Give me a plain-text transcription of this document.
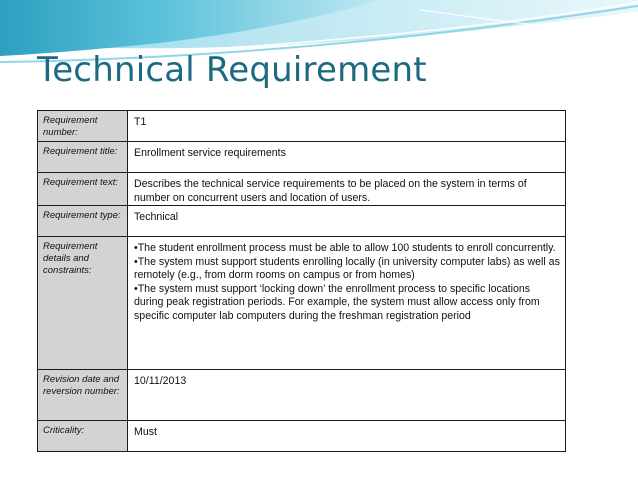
Technical Requirement
Requirement number:	T1
Requirement title:	Enrollment service requirements
Requirement text:	Describes the technical service requirements to be placed on the system in terms of number on concurrent users and location of users.
Requirement type:	Technical
Requirement details and constraints:	•The student enrollment process must be able to allow 100 students to enroll concurrently.
•The system must support students enrolling locally (in university computer labs) as well as remotely (e.g., from dorm rooms on campus or from homes)
•The system must support ‘locking down’ the enrollment process to specific locations during peak registration periods. For example, the system must allow access only from specific computer lab computers during the freshman registration period

Revision date and reversion number:	10/11/2013
Criticality:	Must
